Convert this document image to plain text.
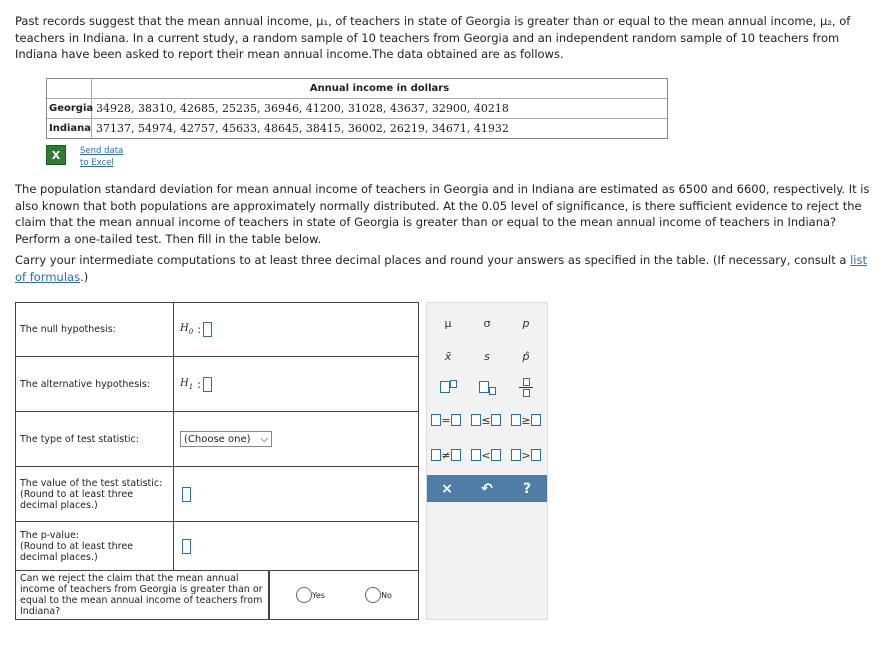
Past records suggest that the mean annual income, μ₁, of teachers in state of Georgia is greater than or equal to the mean annual income, μ₂, of teachers in Indiana. In a current study, a random sample of 10 teachers from Georgia and an independent random sample of 10 teachers from Indiana have been asked to report their mean annual income.The data obtained are as follows.
Annual income in dollars
Georgia 34928, 38310, 42685, 25235, 36946, 41200, 31028, 43637, 32900, 40218
Indiana 37137, 54974, 42757, 45633, 48645, 38415, 36002, 26219, 34671, 41932
X	Send data
to Excel
The population standard deviation for mean annual income of teachers in Georgia and in Indiana are estimated as 6500 and 6600, respectively. It is also known that both populations are approximately normally distributed. At the 0.05 level of significance, is there sufficient evidence to reject the claim that the mean annual income of teachers in state of Georgia is greater than or equal to the mean annual income of teachers in Indiana? Perform a one-tailed test. Then fill in the table below.
Carry your intermediate computations to at least three decimal places and round your answers as specified in the table. (If necessary, consult a list of formulas.)
The null hypothesis:	$H_0$ :
The alternative hypothesis:	$H_1$ :
The type of test statistic:	(Choose one) ⌵
The value of the test statistic:
(Round to at least three decimal places.)
The p-value:
(Round to at least three decimal places.)
Can we reject the claim that the mean annual income of teachers from Georgia is greater than or equal to the mean annual income of teachers from Indiana?
Yes	No
μ	σ	p
x̄	s	p̂
=	≤	≥
≠	<	>
×	↶	?
